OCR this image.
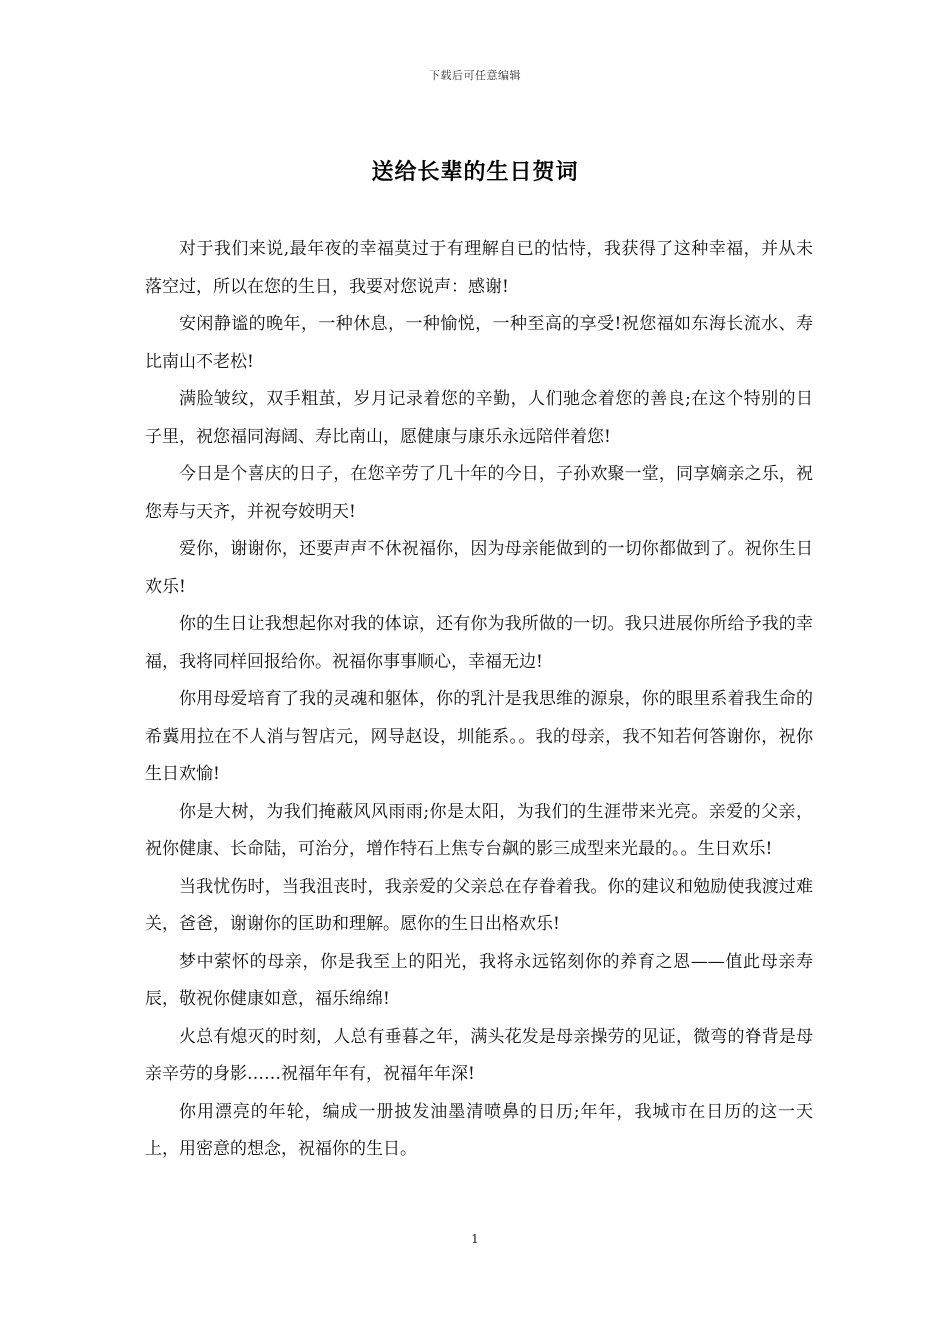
下载后可任意编辑
送给长辈的生日贺词

对于我们来说,最年夜的幸福莫过于有理解自已的怙恃，我获得了这种幸福，并从未落空过，所以在您的生日，我要对您说声：感谢!

安闲静谧的晚年，一种休息，一种愉悦，一种至高的享受!祝您福如东海长流水、寿比南山不老松!

满脸皱纹，双手粗茧，岁月记录着您的辛勤，人们驰念着您的善良;在这个特别的日子里，祝您福同海阔、寿比南山，愿健康与康乐永远陪伴着您!

今日是个喜庆的日子，在您辛劳了几十年的今日，子孙欢聚一堂，同享嫡亲之乐，祝您寿与天齐，并祝夸姣明天!

爱你，谢谢你，还要声声不休祝福你，因为母亲能做到的一切你都做到了。祝你生日欢乐!

你的生日让我想起你对我的体谅，还有你为我所做的一切。我只进展你所给予我的幸福，我将同样回报给你。祝福你事事顺心，幸福无边!

你用母爱培育了我的灵魂和躯体，你的乳汁是我思维的源泉，你的眼里系着我生命的希冀用拉在不人消与智店元，网导赵设，圳能系。。我的母亲，我不知若何答谢你，祝你生日欢愉!

你是大树，为我们掩蔽风风雨雨;你是太阳，为我们的生涯带来光亮。亲爱的父亲，祝你健康、长命陆，可治分，增作特石上焦专台飙的影三成型来光最的。。生日欢乐!

当我忧伤时，当我沮丧时，我亲爱的父亲总在存眷着我。你的建议和勉励使我渡过难关，爸爸，谢谢你的匡助和理解。愿你的生日出格欢乐!

梦中萦怀的母亲，你是我至上的阳光，我将永远铭刻你的养育之恩——值此母亲寿辰，敬祝你健康如意，福乐绵绵!

火总有熄灭的时刻，人总有垂暮之年，满头花发是母亲操劳的见证，微弯的脊背是母亲辛劳的身影……祝福年年有，祝福年年深!

你用漂亮的年轮，编成一册披发油墨清喷鼻的日历;年年，我城市在日历的这一天上，用密意的想念，祝福你的生日。

1
